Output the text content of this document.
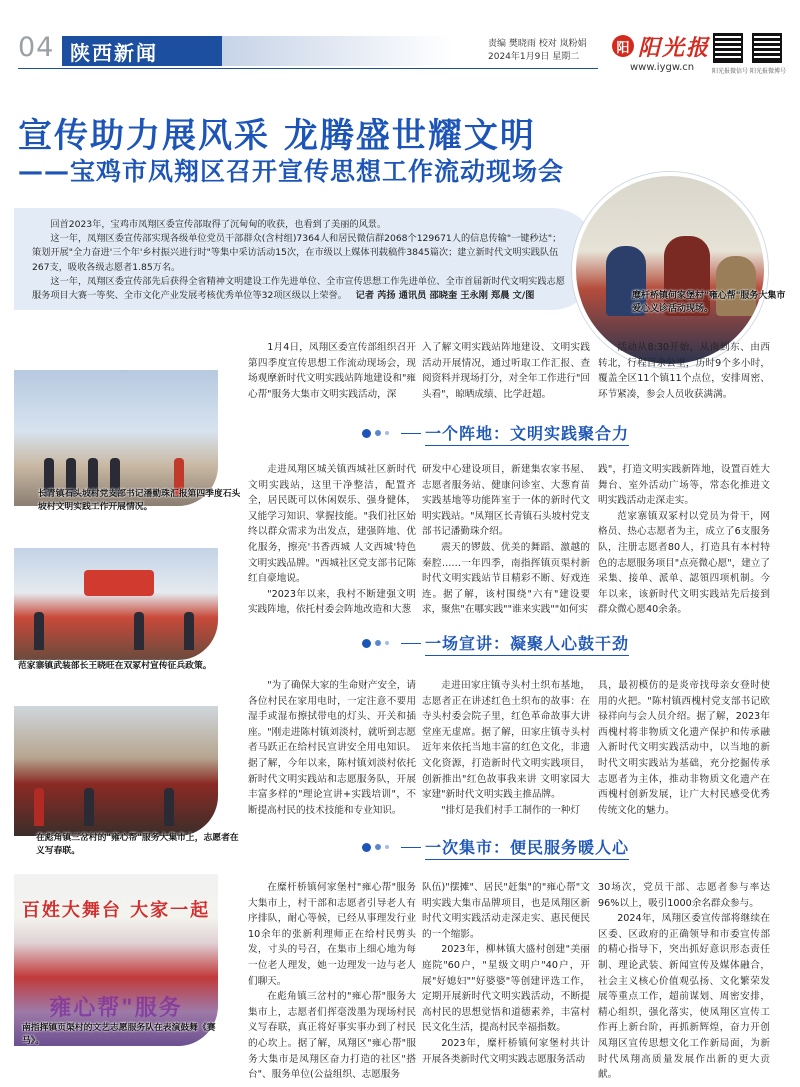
04 陕西新闻	责编 樊晓雨 校对 岚粉娟
2024年1月9日 星期二
阳 阳光报
www.iygw.cn	阳光报微信号 阳光报微博号
宣传助力展风采 龙腾盛世耀文明
——宝鸡市凤翔区召开宣传思想工作流动现场会

回首2023年，宝鸡市凤翔区委宣传部取得了沉甸甸的收获，也看到了美丽的风景。

这一年，凤翔区委宣传部实现各级单位党员干部群众(含村组)7364人和居民微信群2068个129671人的信息传输"一键秒达"；策划开展"全力奋进'三个年'乡村振兴进行时"等集中采访活动15次，在市级以上媒体刊载稿件3845篇次；建立新时代文明实践队伍267支，吸收各级志愿者1.85万名。

这一年，凤翔区委宣传部先后获得全省精神文明建设工作先进单位、全市宣传思想工作先进单位、全市首届新时代文明实践志愿服务项目大赛一等奖、全市文化产业发展考核优秀单位等32项区级以上荣誉。 记者 芮扬 通讯员 邵晓奎 王永刚 郑晨 文/图	糜杆桥镇何家堡村"雍心帮"服务大集市爱心义诊活动现场。
长青镇石头坡村党支部书记潘勤珠汇报第四季度石头坡村文明实践工作开展情况。
范家寨镇武装部长王晓旺在双冢村宣传征兵政策。
在彪角镇三岔村的"雍心帮"服务大集市上，志愿者在义写春联。
百姓大舞台 大家一起
雍心帮"服务
南指挥镇页渠村的文艺志愿服务队在表演鼓舞《赛马》。

1月4日，凤翔区委宣传部组织召开第四季度宣传思想工作流动现场会，现场观摩新时代文明实践站阵地建设和"雍心帮"服务大集市文明实践活动，深

入了解文明实践站阵地建设、文明实践活动开展情况，通过听取工作汇报、查阅资料并现场打分，对全年工作进行"回头看"，晾晒成绩、比学赶超。

活动从8:30开始，从南到东、由西转北，行程百余公里，历时9个多小时，覆盖全区11个镇11个点位，安排周密、环节紧凑，参会人员收获满满。

一个阵地：文明实践聚合力

走进凤翔区城关镇西城社区新时代文明实践站，这里干净整洁，配置齐全，居民既可以休闲娱乐、强身健体，又能学习知识、掌握技能。"我们社区始终以群众需求为出发点，建强阵地、优化服务，擦亮'书香西城 人文西城'特色文明实践品牌。"西城社区党支部书记陈红自豪地说。

"2023年以来，我村不断建强文明实践阵地，依托村委会阵地改造和大葱

研发中心建设项目，新建集农家书屋、志愿者服务站、健康问诊室、大葱育苗实践基地等功能阵室于一体的新时代文明实践站。"凤翔区长青镇石头坡村党支部书记潘勤珠介绍。

震天的锣鼓、优美的舞蹈、激越的秦腔……一年四季，南指挥镇页渠村新时代文明实践站节目精彩不断、好戏连连。据了解，该村围绕"六有"建设要求，聚焦"在哪实践""谁来实践""如何实

践"，打造文明实践新阵地，设置百姓大舞台、室外活动广场等，常态化推进文明实践活动走深走实。

范家寨镇双冢村以党员为骨干，网格员、热心志愿者为主，成立了6支服务队，注册志愿者80人，打造具有本村特色的志愿服务项目"点亮微心愿"，建立了采集、接单、派单、認領四项机制。今年以来，该新时代文明实践站先后接到群众微心愿40余条。

一场宣讲：凝聚人心鼓干劲

"为了确保大家的生命财产安全，请各位村民在家用电时，一定注意不要用湿手或湿布擦拭带电的灯头、开关和插座。"刚走进陈村镇刘淡村，就听到志愿者马跃正在给村民宣讲安全用电知识。据了解，今年以来，陈村镇刘淡村依托新时代文明实践站和志愿服务队，开展丰富多样的"理论宣讲+实践培训"，不断提高村民的技术技能和专业知识。

走进田家庄镇寺头村土织布基地，志愿者正在讲述红色土织布的故事：在寺头村委会院子里，红色革命故事大讲堂座无虚席。据了解，田家庄镇寺头村近年来依托当地丰富的红色文化，非遗文化资源，打造新时代文明实践项目，创新推出"红色故事我来讲 文明家园大家建"新时代文明实践主推品牌。

"排灯是我们村手工制作的一种灯

具，最初模仿的是炎帝找母亲女登时使用的火把。"陈村镇西槐村党支部书记欧禄祥向与会人员介绍。据了解，2023年西槐村将非物质文化遗产保护和传承融入新时代文明实践活动中，以当地的新时代文明实践站为基础，充分挖掘传承志愿者为主体，推动非物质文化遗产在西槐村创新发展，让广大村民感受优秀传统文化的魅力。

一次集市：便民服务暖人心

在糜杆桥镇何家堡村"雍心帮"服务大集市上，村干部和志愿者引导老人有序排队，耐心等候，已经从事理发行业10余年的张新利理师正在给村民剪头发，寸头的号召，在集市上细心地为每一位老人理发，她一边理发一边与老人们聊天。

在彪角镇三岔村的"雍心帮"服务大集市上，志愿者们挥毫泼墨为现场村民义写春联，真正将好事实事办到了村民的心坎上。据了解，凤翔区"雍心帮"服务大集市是凤翔区奋力打造的社区"搭台"、服务单位(公益组织、志愿服务

队伍)"摆摊"、居民"赶集"的"雍心帮"文明实践大集市品牌项目，也是凤翔区新时代文明实践活动走深走实、惠民便民的一个缩影。

2023年，柳林镇大盛村创建"美丽庭院"60户，"星级文明户"40户，开展"好媳妇""好婆婆"等创建评选工作，定期开展新时代文明实践活动，不断提高村民的思想觉悟和道德素养，丰富村民文化生活，提高村民幸福指数。

2023年，糜杆桥镇何家堡村共计开展各类新时代文明实践志愿服务活动

30场次，党员干部、志愿者参与率达96%以上，吸引1000余名群众参与。

2024年，凤翔区委宣传部将继续在区委、区政府的正确领导和市委宣传部的精心指导下，突出抓好意识形态责任制、理论武装、新闻宣传及媒体融合，社会主义核心价值观弘扬、文化繁荣发展等重点工作，超前谋划、周密安排，精心组织，强化落实，使凤翔区宣传工作再上新台阶，再抓新辉煌，奋力开创凤翔区宣传思想文化工作新局面，为新时代凤翔高质量发展作出新的更大贡献。
